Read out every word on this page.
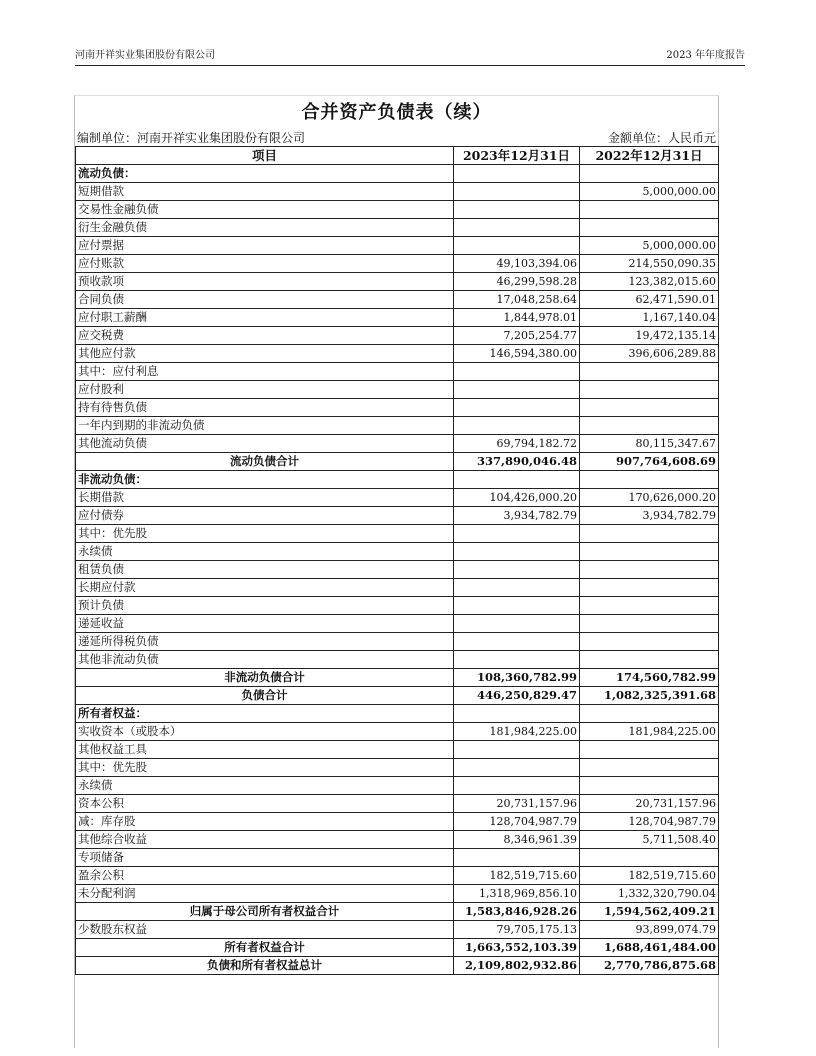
河南开祥实业集团股份有限公司	2023 年年度报告
合并资产负债表（续）
编制单位：河南开祥实业集团股份有限公司	金额单位：人民币元
项目	2023年12月31日	2022年12月31日
流动负债：		
短期借款		5,000,000.00
交易性金融负债		
衍生金融负债		
应付票据		5,000,000.00
应付账款	49,103,394.06	214,550,090.35
预收款项	46,299,598.28	123,382,015.60
合同负债	17,048,258.64	62,471,590.01
应付职工薪酬	1,844,978.01	1,167,140.04
应交税费	7,205,254.77	19,472,135.14
其他应付款	146,594,380.00	396,606,289.88
其中：应付利息		
应付股利		
持有待售负债		
一年内到期的非流动负债		
其他流动负债	69,794,182.72	80,115,347.67
流动负债合计	337,890,046.48	907,764,608.69
非流动负债：		
长期借款	104,426,000.20	170,626,000.20
应付债券	3,934,782.79	3,934,782.79
其中：优先股		
永续债		
租赁负债		
长期应付款		
预计负债		
递延收益		
递延所得税负债		
其他非流动负债		
非流动负债合计	108,360,782.99	174,560,782.99
负债合计	446,250,829.47	1,082,325,391.68
所有者权益：		
实收资本（或股本）	181,984,225.00	181,984,225.00
其他权益工具		
其中：优先股		
永续债		
资本公积	20,731,157.96	20,731,157.96
减：库存股	128,704,987.79	128,704,987.79
其他综合收益	8,346,961.39	5,711,508.40
专项储备		
盈余公积	182,519,715.60	182,519,715.60
未分配利润	1,318,969,856.10	1,332,320,790.04
归属于母公司所有者权益合计	1,583,846,928.26	1,594,562,409.21
少数股东权益	79,705,175.13	93,899,074.79
所有者权益合计	1,663,552,103.39	1,688,461,484.00
负债和所有者权益总计	2,109,802,932.86	2,770,786,875.68
